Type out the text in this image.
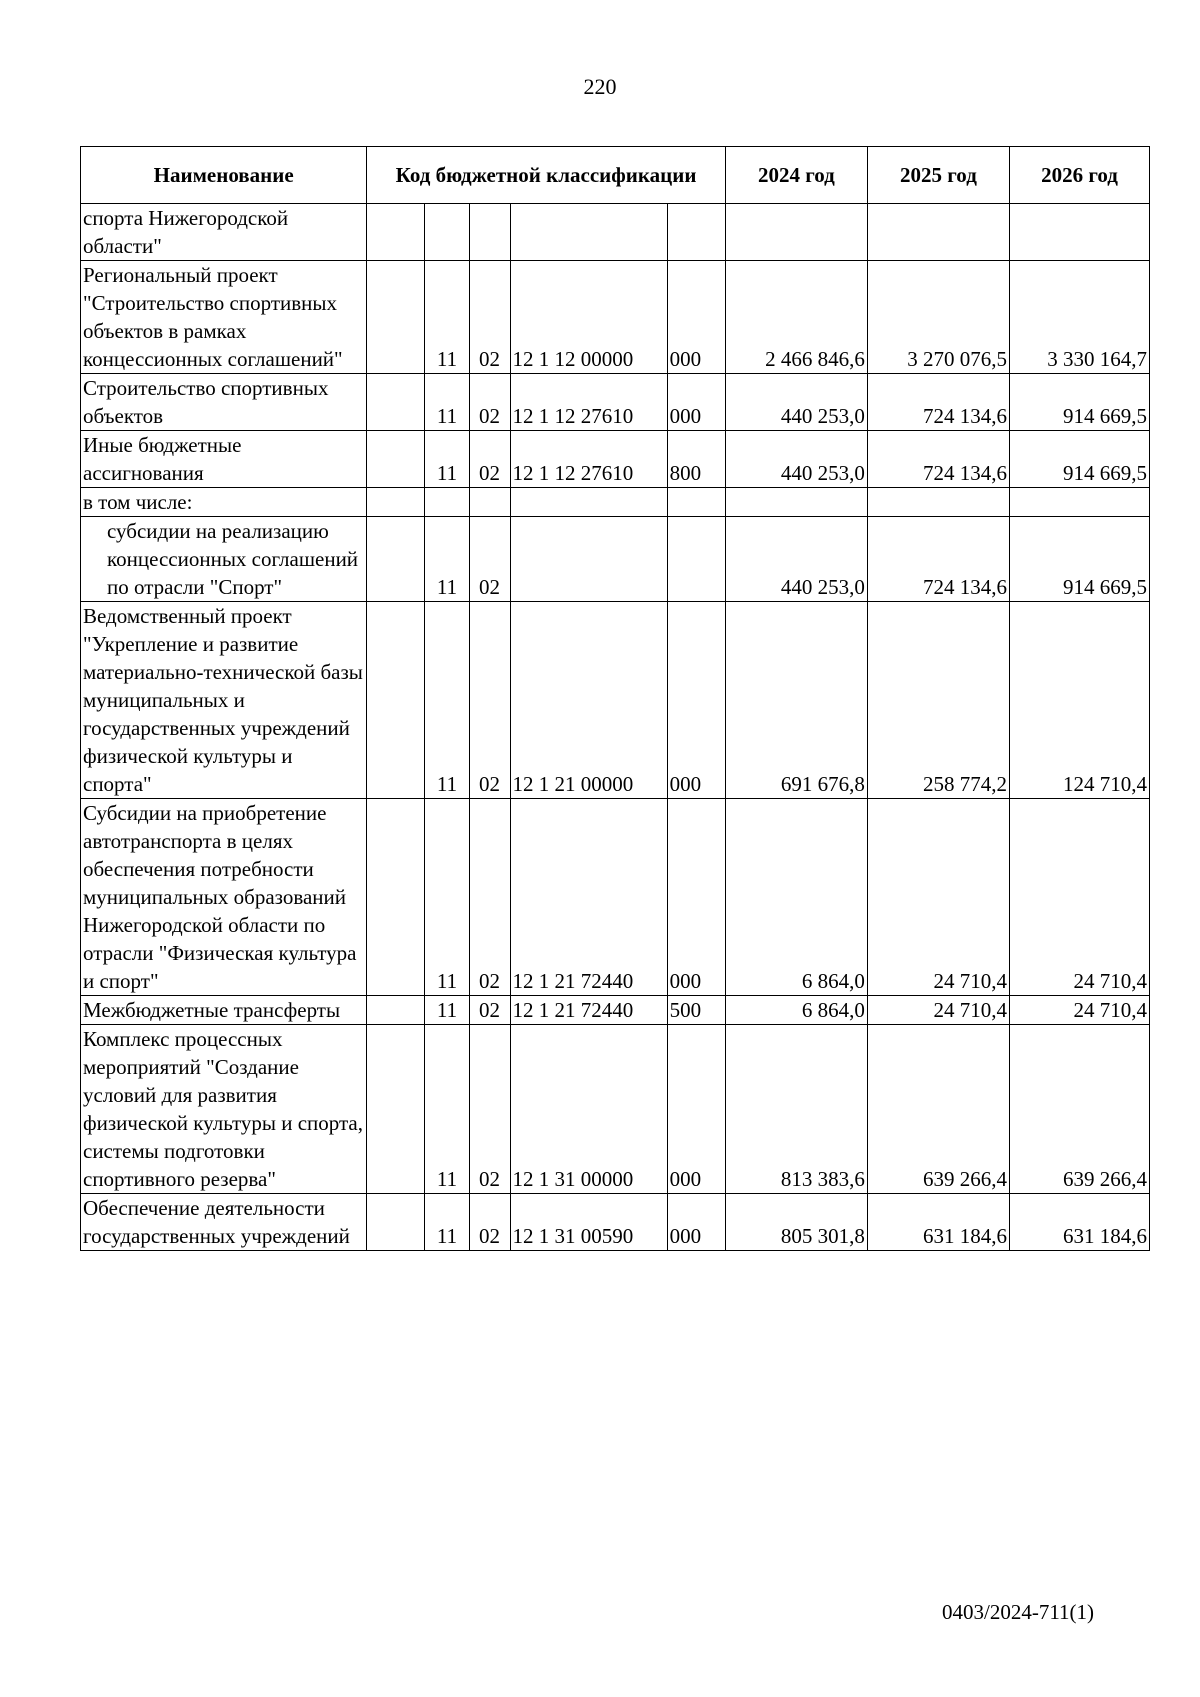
220
Наименование	Код бюджетной классификации					2024 год	2025 год	2026 год
спорта Нижегородской области"								
Региональный проект "Строительство спортивных объектов в рамках концессионных соглашений"		11	02	12 1 12 00000	000	2 466 846,6	3 270 076,5	3 330 164,7
Строительство спортивных объектов		11	02	12 1 12 27610	000	440 253,0	724 134,6	914 669,5
Иные бюджетные ассигнования		11	02	12 1 12 27610	800	440 253,0	724 134,6	914 669,5
в том числе:								
субсидии на реализацию концессионных соглашений по отрасли "Спорт"		11	02			440 253,0	724 134,6	914 669,5
Ведомственный проект "Укрепление и развитие материально-технической базы муниципальных и государственных учреждений физической культуры и спорта"		11	02	12 1 21 00000	000	691 676,8	258 774,2	124 710,4
Субсидии на приобретение автотранспорта в целях обеспечения потребности муниципальных образований Нижегородской области по отрасли "Физическая культура и спорт"		11	02	12 1 21 72440	000	6 864,0	24 710,4	24 710,4
Межбюджетные трансферты		11	02	12 1 21 72440	500	6 864,0	24 710,4	24 710,4
Комплекс процессных мероприятий "Создание условий для развития физической культуры и спорта, системы подготовки спортивного резерва"		11	02	12 1 31 00000	000	813 383,6	639 266,4	639 266,4
Обеспечение деятельности государственных учреждений		11	02	12 1 31 00590	000	805 301,8	631 184,6	631 184,6
0403/2024-711(1)
